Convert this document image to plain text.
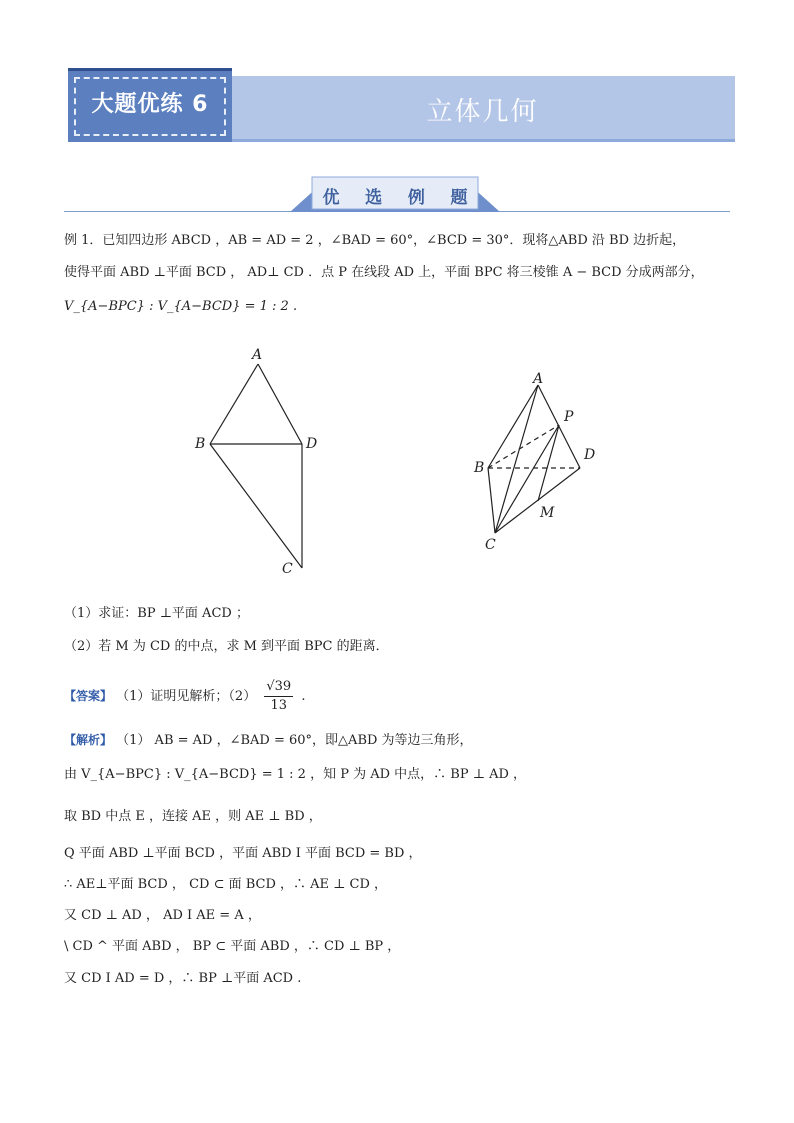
大题优练 6	立体几何
优	选	例	题
例 1．已知四边形 ABCD ，AB = AD = 2 ，∠BAD = 60°，∠BCD = 30°．现将△ABD 沿 BD 边折起，
使得平面 ABD ⊥平面 BCD ， AD⊥ CD ．点 P 在线段 AD 上，平面 BPC 将三棱锥 A − BCD 分成两部分，
V_{A−BPC} : V_{A−BCD} = 1 : 2 .
A
B	D
C
A
P
D
B
M
C
（1）求证：BP ⊥平面 ACD ；
（2）若 M 为 CD 的中点，求 M 到平面 BPC 的距离．
【答案】 （1）证明见解析；$(2) \frac{√39}{13}$ .
【解析】 （1） AB = AD ，∠BAD = 60°，即△ABD 为等边三角形，
由 V_{A−BPC} : V_{A−BCD} = 1 : 2 ，知 P 为 AD 中点，∴ BP ⊥ AD ，
取 BD 中点 E ，连接 AE ，则 AE ⊥ BD ，
Q 平面 ABD ⊥平面 BCD ，平面 ABD I 平面 BCD = BD ，
∴ AE⊥平面 BCD ， CD ⊂ 面 BCD ，∴ AE ⊥ CD ，
又 CD ⊥ AD ， AD I AE = A ，
\ CD ^ 平面 ABD ， BP ⊂ 平面 ABD ，∴ CD ⊥ BP ，
又 CD I AD = D ，∴ BP ⊥平面 ACD .
